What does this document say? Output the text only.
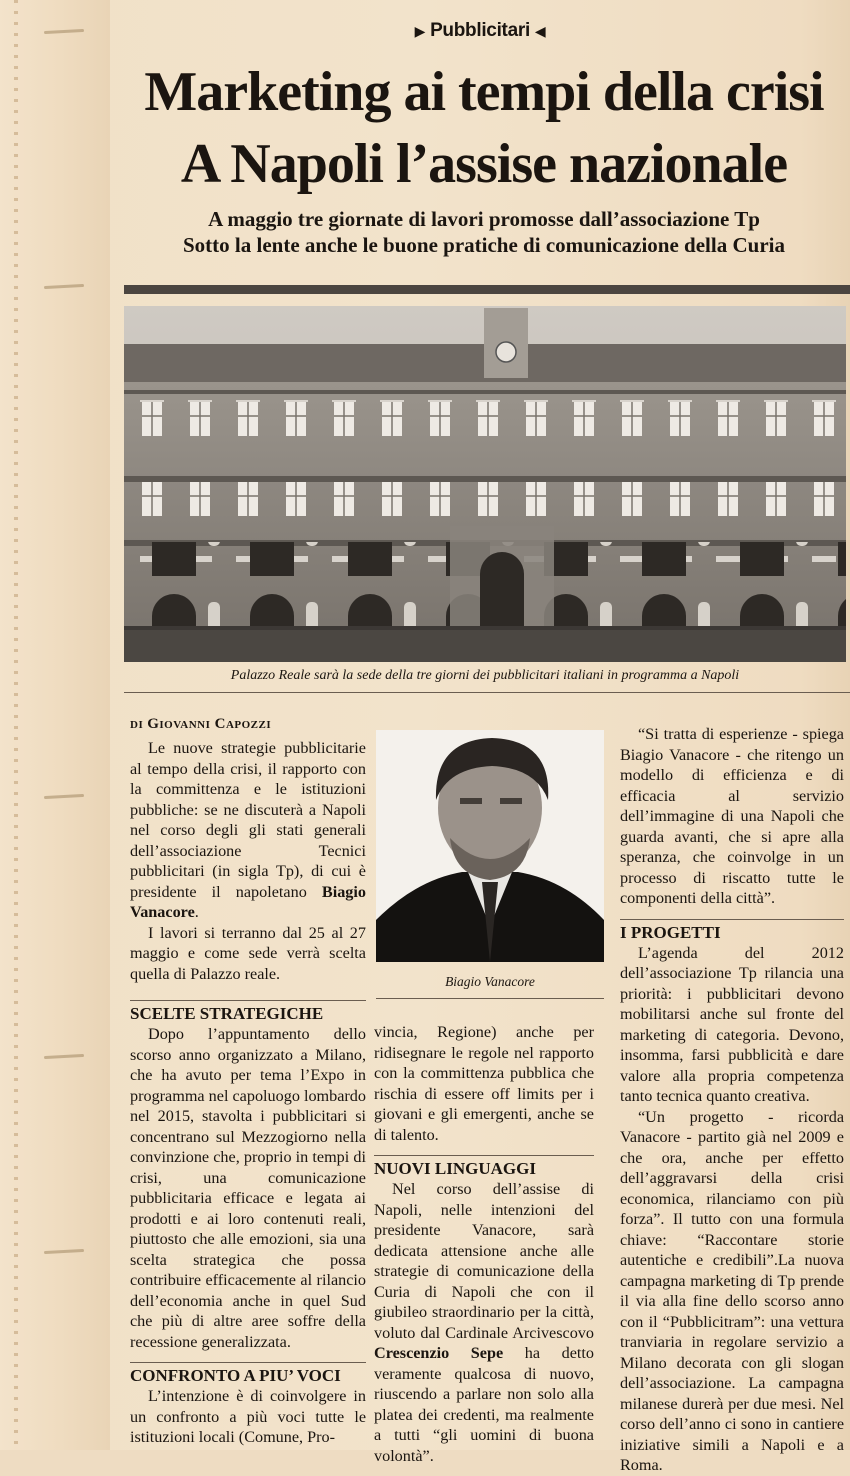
▶ Pubblicitari ◀
Marketing ai tempi della crisi
A Napoli l’assise nazionale
A maggio tre giornate di lavori promosse dall’associazione Tp
Sotto la lente anche le buone pratiche di comunicazione della Curia
Palazzo Reale sarà la sede della tre giorni dei pubblicitari italiani in programma a Napoli
di Giovanni Capozzi

Le nuove strategie pubblicitarie al tempo della crisi, il rapporto con la committenza e le istituzioni pubbliche: se ne discuterà a Napoli nel corso degli gli stati generali dell’associazione Tecnici pubblicitari (in sigla Tp), di cui è presidente il napoletano Biagio Vanacore.

I lavori si terranno dal 25 al 27 maggio e come sede verrà scelta quella di Palazzo reale.

SCELTE STRATEGICHE

Dopo l’appuntamento dello scorso anno organizzato a Milano, che ha avuto per tema l’Expo in programma nel capoluogo lombardo nel 2015, stavolta i pubblicitari si concentrano sul Mezzogiorno nella convinzione che, proprio in tempi di crisi, una comunicazione pubblicitaria efficace e legata ai prodotti e ai loro contenuti reali, piuttosto che alle emozioni, sia una scelta strategica che possa contribuire efficacemente al rilancio dell’economia anche in quel Sud che più di altre aree soffre della recessione generalizzata.

CONFRONTO A PIU’ VOCI

L’intenzione è di coinvolgere in un confronto a più voci tutte le istituzioni locali (Comune, Pro-

Biagio Vanacore

vincia, Regione) anche per ridisegnare le regole nel rapporto con la committenza pubblica che rischia di essere off limits per i giovani e gli emergenti, anche se di talento.

NUOVI LINGUAGGI

Nel corso dell’assise di Napoli, nelle intenzioni del presidente Vanacore, sarà dedicata attensione anche alle strategie di comunicazione della Curia di Napoli che con il giubileo straordinario per la città, voluto dal Cardinale Arcivescovo Crescenzio Sepe ha detto veramente qualcosa di nuovo, riuscendo a parlare non solo alla platea dei credenti, ma realmente a tutti “gli uomini di buona volontà”.

“Si tratta di esperienze - spiega Biagio Vanacore - che ritengo un modello di efficienza e di efficacia al servizio dell’immagine di una Napoli che guarda avanti, che si apre alla speranza, che coinvolge in un processo di riscatto tutte le componenti della città”.

I PROGETTI

L’agenda del 2012 dell’associazione Tp rilancia una priorità: i pubblicitari devono mobilitarsi anche sul fronte del marketing di categoria. Devono, insomma, farsi pubblicità e dare valore alla propria competenza tanto tecnica quanto creativa.

“Un progetto - ricorda Vanacore - partito già nel 2009 e che ora, anche per effetto dell’aggravarsi della crisi economica, rilanciamo con più forza”. Il tutto con una formula chiave: “Raccontare storie autentiche e credibili”.La nuova campagna marketing di Tp prende il via alla fine dello scorso anno con il “Pubblicitram”: una vettura tranviaria in regolare servizio a Milano decorata con gli slogan dell’associazione. La campagna milanese durerà per due mesi. Nel corso dell’anno ci sono in cantiere iniziative simili a Napoli e a Roma.
